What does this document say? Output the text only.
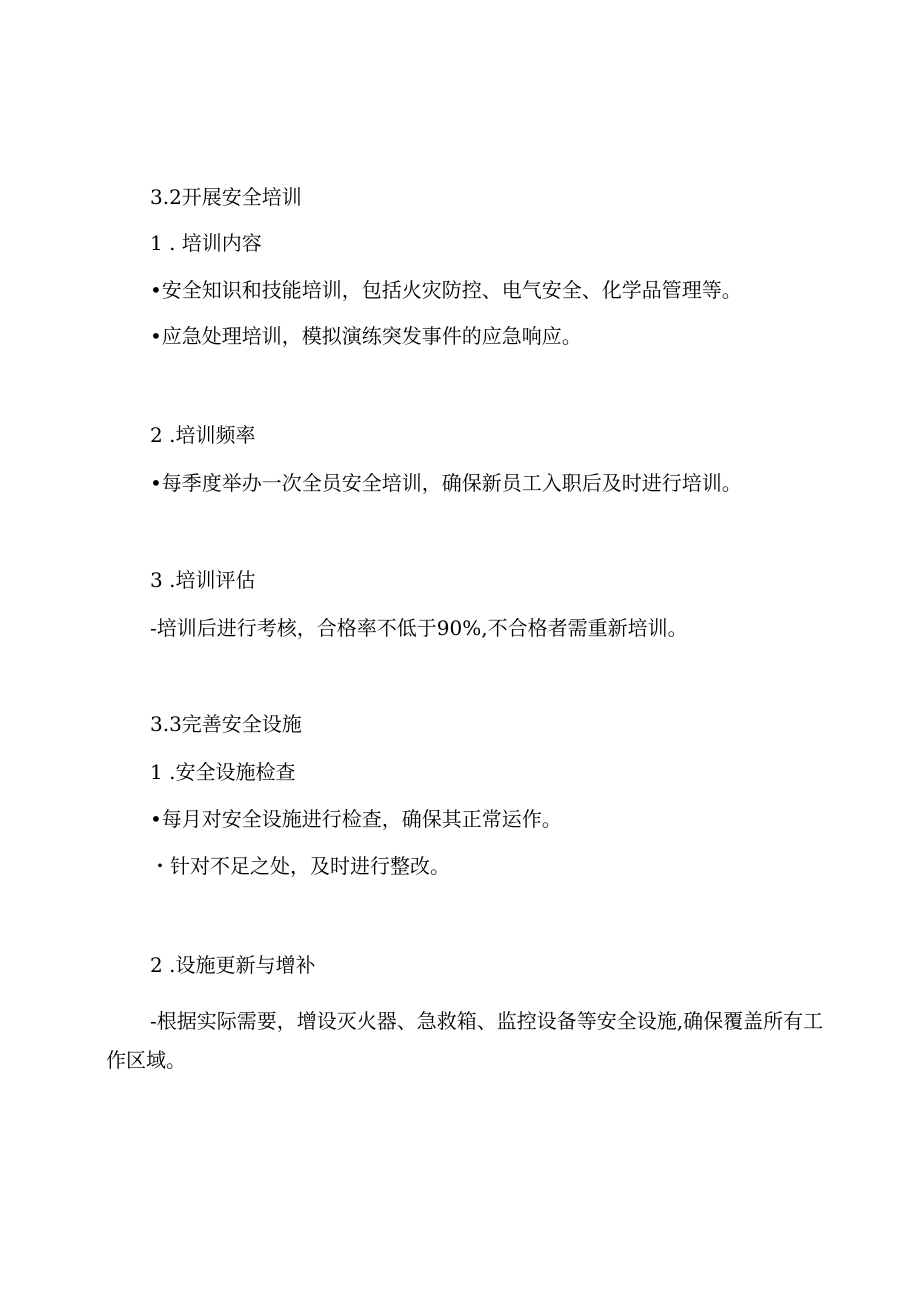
3.2开展安全培训
1 . 培训内容
•安全知识和技能培训，包括火灾防控、电气安全、化学品管理等。
•应急处理培训，模拟演练突发事件的应急响应。
2 .培训频率
•每季度举办一次全员安全培训，确保新员工入职后及时进行培训。
3 .培训评估
-培训后进行考核，合格率不低于90%,不合格者需重新培训。
3.3完善安全设施
1 .安全设施检查
•每月对安全设施进行检查，确保其正常运作。
・针对不足之处，及时进行整改。
2 .设施更新与增补
-根据实际需要，增设灭火器、急救箱、监控设备等安全设施,确保覆盖所有工作区域。
